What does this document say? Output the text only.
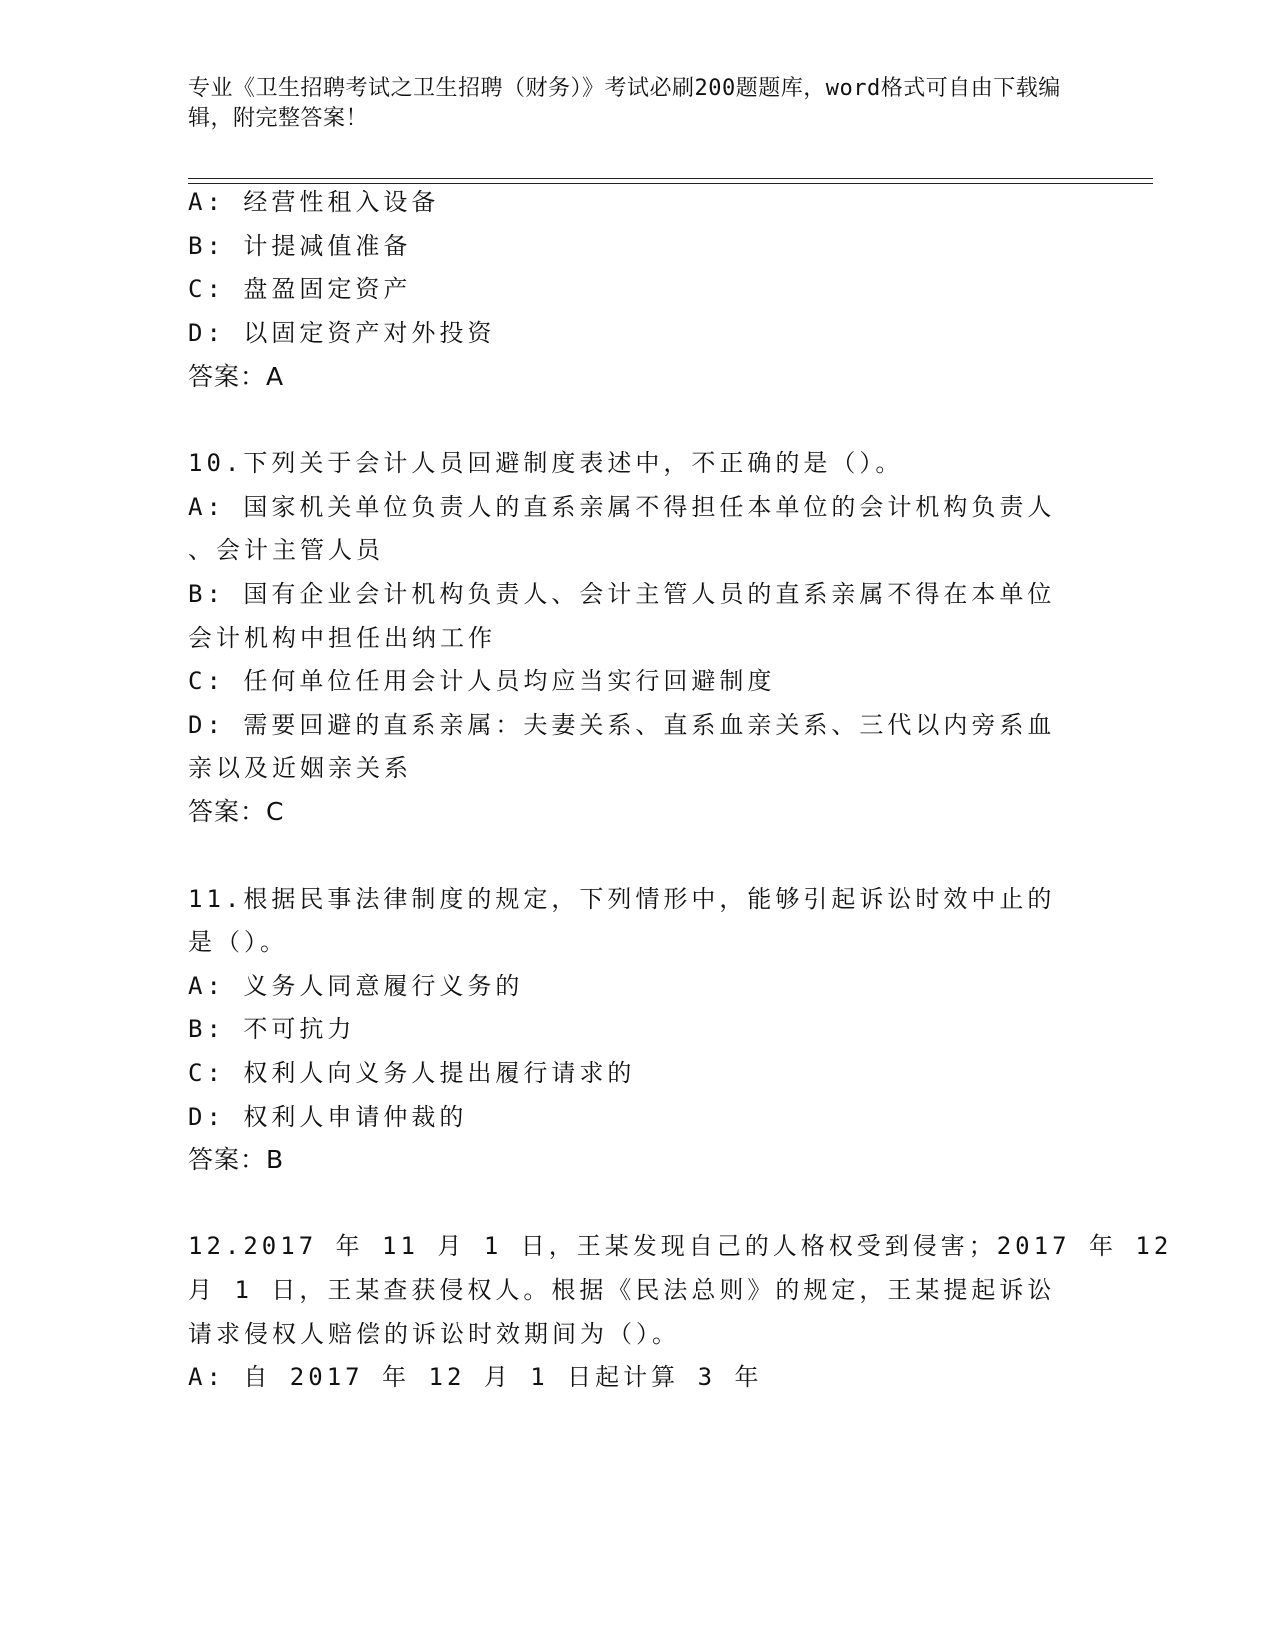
专业《卫生招聘考试之卫生招聘（财务）》考试必刷200题题库，word格式可自由下载编辑，附完整答案！
A: 经营性租入设备
B: 计提减值准备
C: 盘盈固定资产
D: 以固定资产对外投资
答案：A
10.下列关于会计人员回避制度表述中，不正确的是（）。
A: 国家机关单位负责人的直系亲属不得担任本单位的会计机构负责人
、会计主管人员
B: 国有企业会计机构负责人、会计主管人员的直系亲属不得在本单位
会计机构中担任出纳工作
C: 任何单位任用会计人员均应当实行回避制度
D: 需要回避的直系亲属：夫妻关系、直系血亲关系、三代以内旁系血
亲以及近姻亲关系
答案：C
11.根据民事法律制度的规定，下列情形中，能够引起诉讼时效中止的
是（）。
A: 义务人同意履行义务的
B: 不可抗力
C: 权利人向义务人提出履行请求的
D: 权利人申请仲裁的
答案：B
12.2017 年 11 月 1 日，王某发现自己的人格权受到侵害；2017 年 12
月 1 日，王某查获侵权人。根据《民法总则》的规定，王某提起诉讼
请求侵权人赔偿的诉讼时效期间为（）。
A: 自 2017 年 12 月 1 日起计算 3 年
